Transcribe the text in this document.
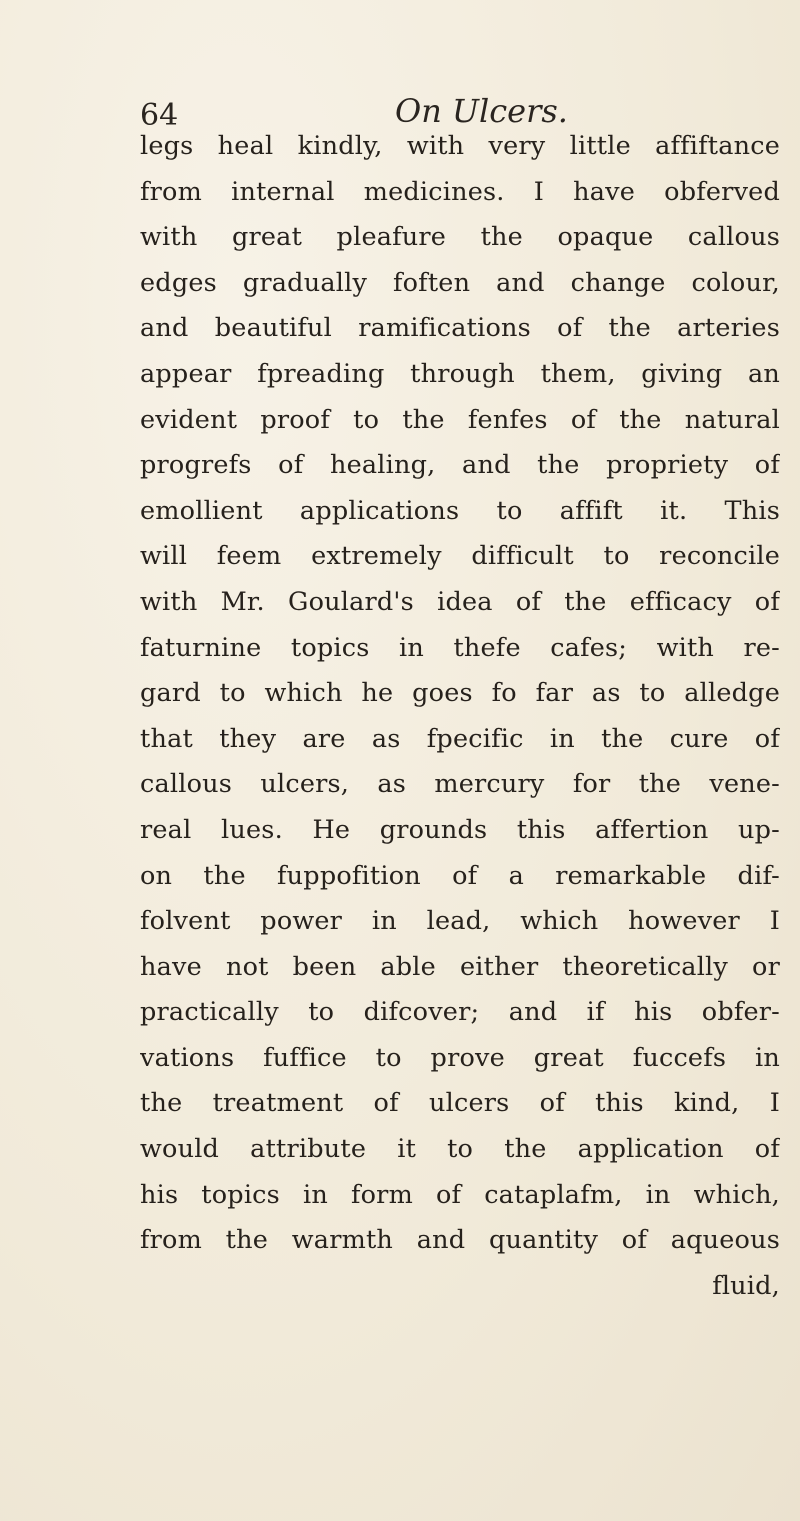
64	On Ulcers.
legs heal kindly, with very little affiftance
from internal medicines. I have obferved
with great pleafure the opaque callous
edges gradually foften and change colour,
and beautiful ramifications of the arteries
appear fpreading through them, giving an
evident proof to the fenfes of the natural
progrefs of healing, and the propriety of
emollient applications to affift it. This
will feem extremely difficult to reconcile
with Mr. Goulard's idea of the efficacy of
faturnine topics in thefe cafes; with re-
gard to which he goes fo far as to alledge
that they are as fpecific in the cure of
callous ulcers, as mercury for the vene-
real lues. He grounds this affertion up-
on the fuppofition of a remarkable dif-
folvent power in lead, which however I
have not been able either theoretically or
practically to difcover; and if his obfer-
vations fuffice to prove great fuccefs in
the treatment of ulcers of this kind, I
would attribute it to the application of
his topics in form of cataplafm, in which,
from the warmth and quantity of aqueous
fluid,
